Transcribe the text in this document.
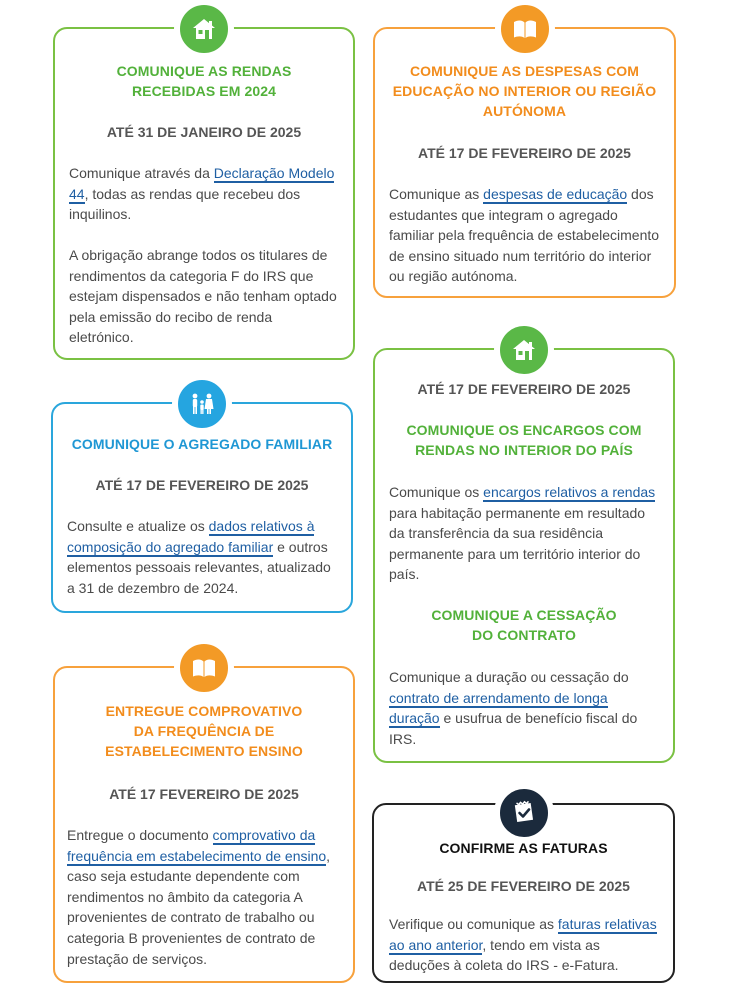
COMUNIQUE AS RENDAS
RECEBIDAS EM 2024
ATÉ 31 DE JANEIRO DE 2025
Comunique através da Declaração Modelo 44, todas as rendas que recebeu dos inquilinos.
A obrigação abrange todos os titulares de rendimentos da categoria F do IRS que estejam dispensados e não tenham optado pela emissão do recibo de renda eletrónico.
COMUNIQUE AS DESPESAS COM
EDUCAÇÃO NO INTERIOR OU REGIÃO
AUTÓNOMA
ATÉ 17 DE FEVEREIRO DE 2025
Comunique as despesas de educação dos estudantes que integram o agregado familiar pela frequência de estabelecimento de ensino situado num território do interior ou região autónoma.
COMUNIQUE O AGREGADO FAMILIAR
ATÉ 17 DE FEVEREIRO DE 2025
Consulte e atualize os dados relativos à composição do agregado familiar e outros elementos pessoais relevantes, atualizado a 31 de dezembro de 2024.
ATÉ 17 DE FEVEREIRO DE 2025
COMUNIQUE OS ENCARGOS COM
RENDAS NO INTERIOR DO PAÍS
Comunique os encargos relativos a rendas para habitação permanente em resultado da transferência da sua residência permanente para um território interior do país.
COMUNIQUE A CESSAÇÃO
DO CONTRATO
Comunique a duração ou cessação do contrato de arrendamento de longa duração e usufrua de benefício fiscal do IRS.
ENTREGUE COMPROVATIVO
DA FREQUÊNCIA DE
ESTABELECIMENTO ENSINO
ATÉ 17 FEVEREIRO DE 2025
Entregue o documento comprovativo da frequência em estabelecimento de ensino, caso seja estudante dependente com rendimentos no âmbito da categoria A provenientes de contrato de trabalho ou categoria B provenientes de contrato de prestação de serviços.
CONFIRME AS FATURAS
ATÉ 25 DE FEVEREIRO DE 2025
Verifique ou comunique as faturas relativas ao ano anterior, tendo em vista as deduções à coleta do IRS - e-Fatura.
